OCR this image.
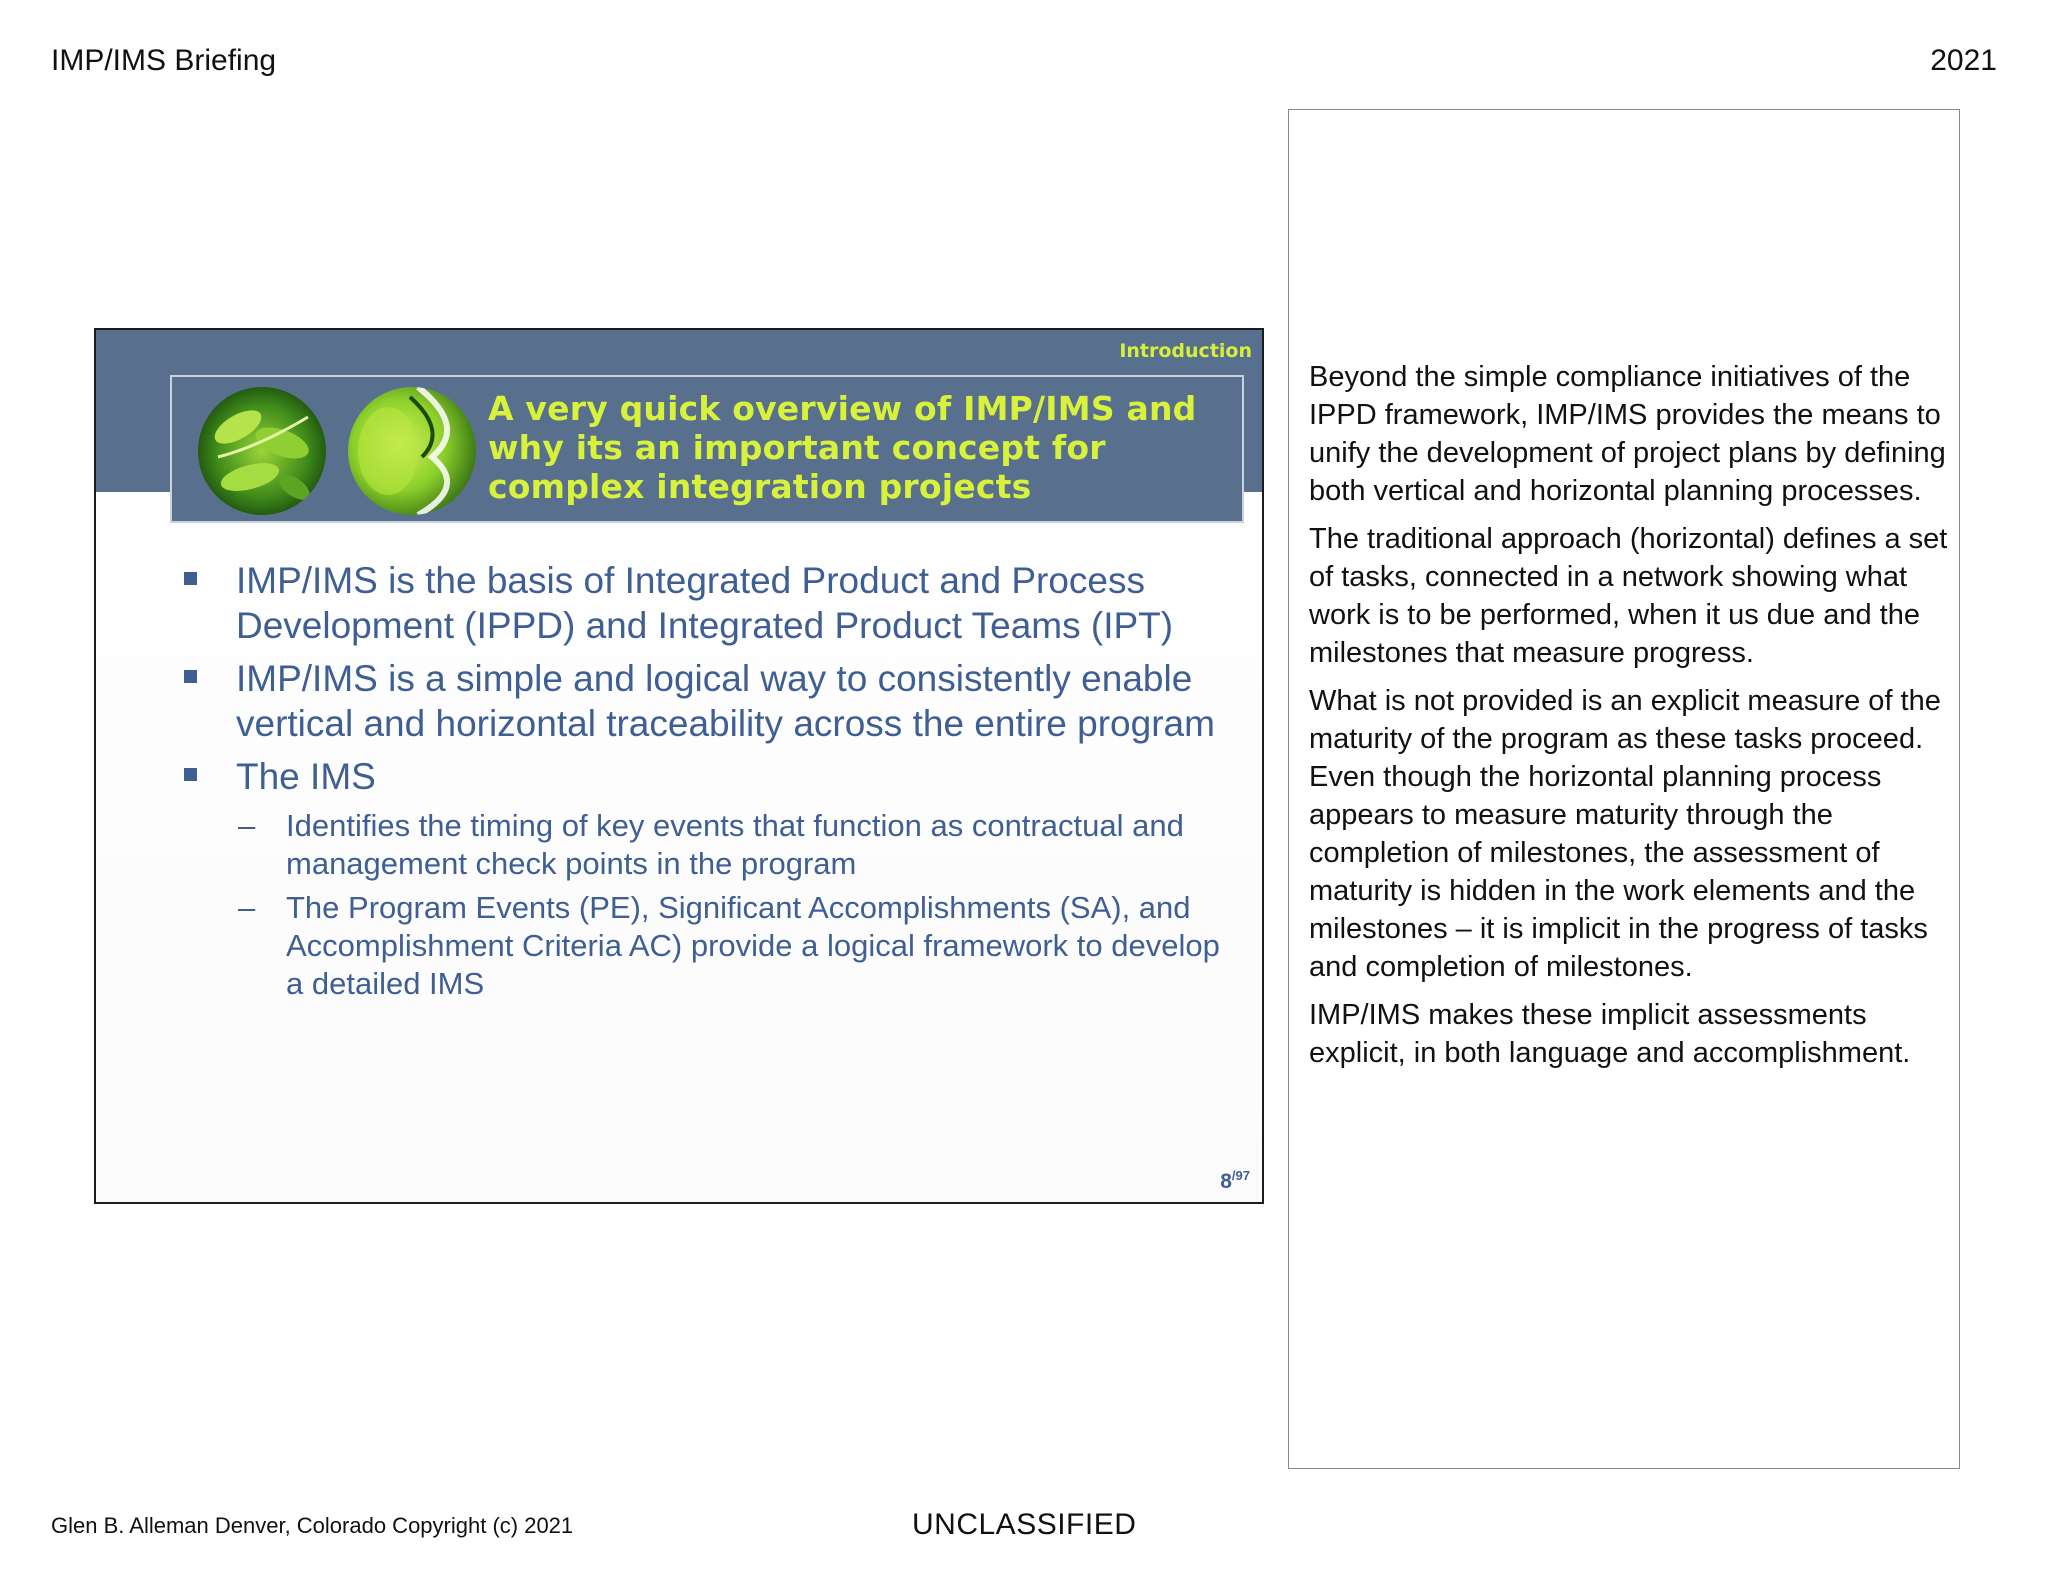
IMP/IMS Briefing	2021
Introduction
A very quick overview of IMP/IMS and why its an important concept for complex integration projects
IMP/IMS is the basis of Integrated Product and Process Development (IPPD) and Integrated Product Teams (IPT)
IMP/IMS is a simple and logical way to consistently enable vertical and horizontal traceability across the entire program
The IMS
– Identifies the timing of key events that function as contractual and management check points in the program
– The Program Events (PE), Significant Accomplishments (SA), and Accomplishment Criteria AC) provide a logical framework to develop a detailed IMS
$8^{/97}$

Beyond the simple compliance initiatives of the IPPD framework, IMP/IMS provides the means to unify the development of project plans by defining both vertical and horizontal planning processes.

The traditional approach (horizontal) defines a set of tasks, connected in a network showing what work is to be performed, when it us due and the milestones that measure progress.

What is not provided is an explicit measure of the maturity of the program as these tasks proceed. Even though the horizontal planning process appears to measure maturity through the completion of milestones, the assessment of maturity is hidden in the work elements and the milestones – it is implicit in the progress of tasks and completion of milestones.

IMP/IMS makes these implicit assessments explicit, in both language and accomplishment.

Glen B. Alleman Denver, Colorado Copyright (c) 2021	UNCLASSIFIED
